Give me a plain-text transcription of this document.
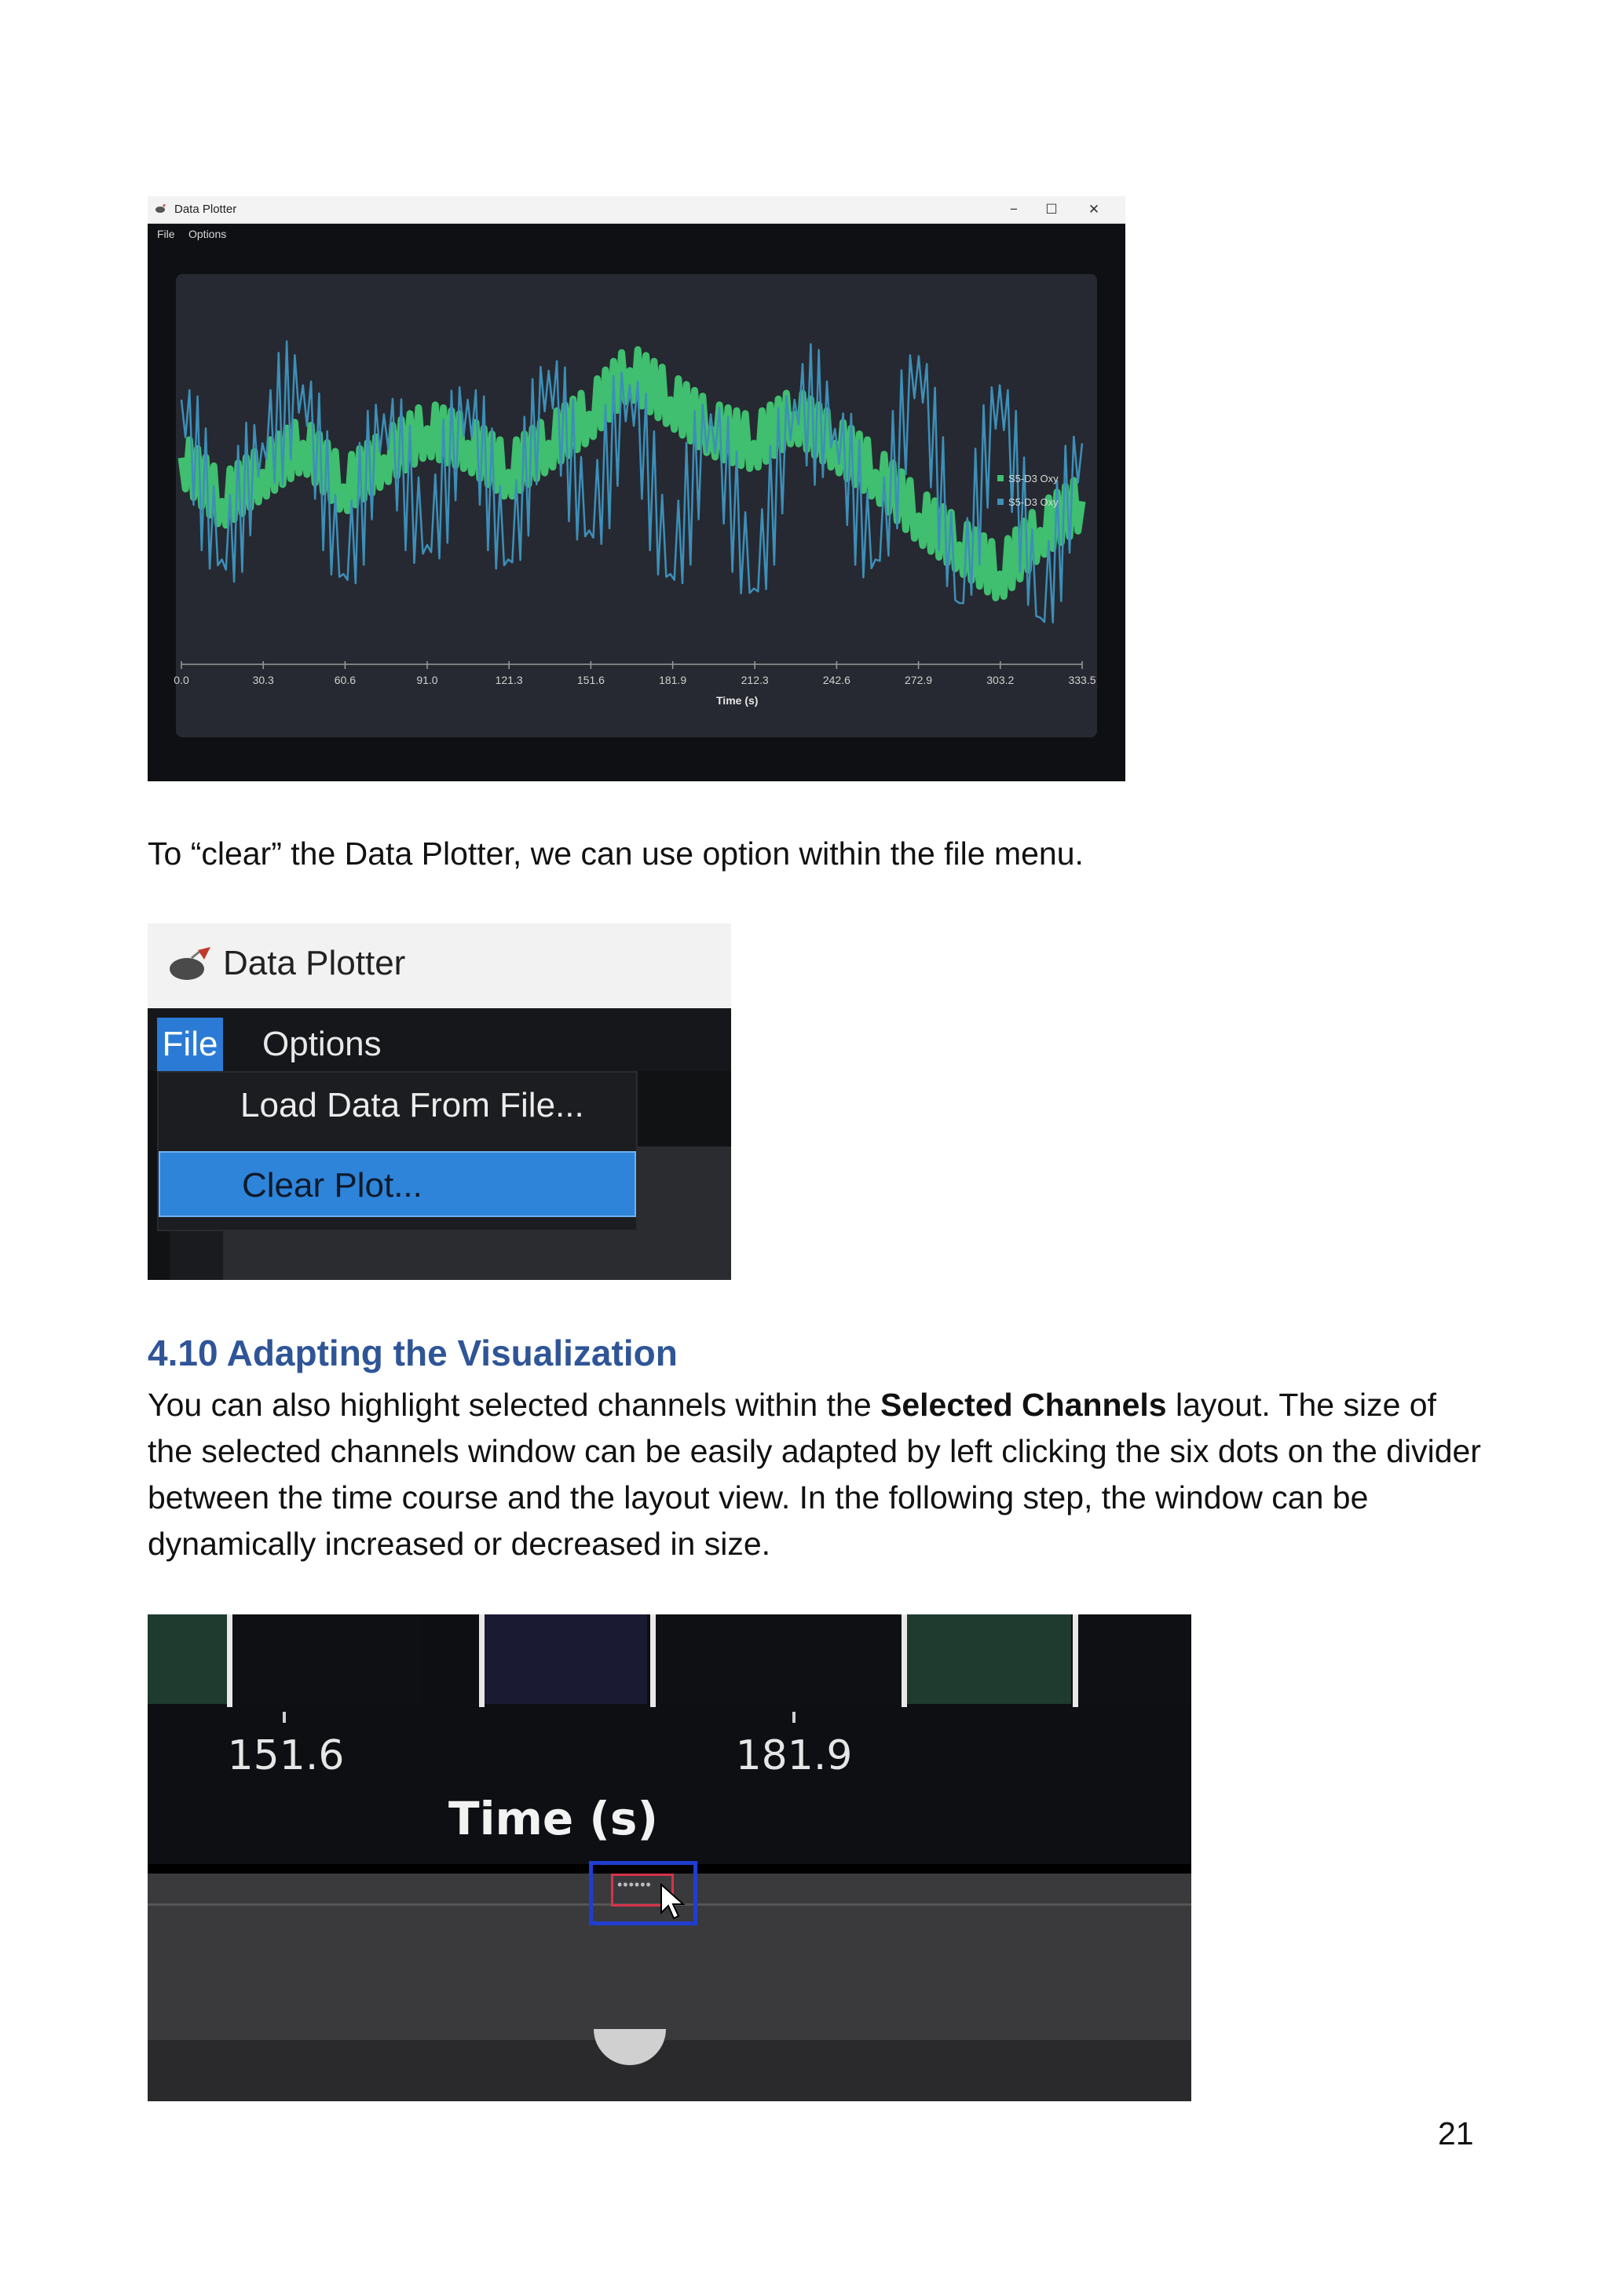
Data Plotter	−	☐	✕
File Options
0.0	30.3	60.6	91.0	121.3	151.6	181.9	212.3	242.6	272.9	303.2	333.5
Time (s)
S5-D3 Oxy
S5-D3 Oxy
To “clear” the Data Plotter, we can use option within the file menu.
Data Plotter
File Options
Load Data From File...
Clear Plot...
4.10 Adapting the Visualization
You can also highlight selected channels within the Selected Channels layout. The size of the selected channels window can be easily adapted by left clicking the six dots on the divider between the time course and the layout view. In the following step, the window can be dynamically increased or decreased in size.
151.6	181.9
Time (s)
••••••
21
